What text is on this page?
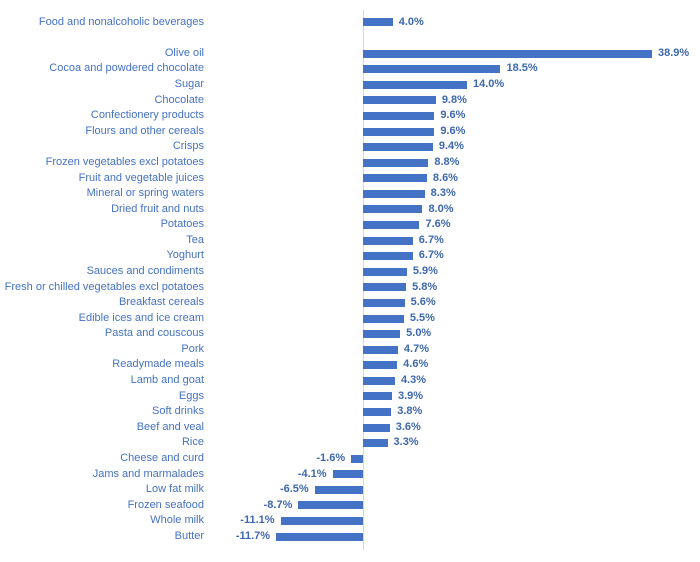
Food and nonalcoholic beverages	4.0%
Olive oil	38.9%
Cocoa and powdered chocolate	18.5%
Sugar	14.0%
Chocolate	9.8%
Confectionery products	9.6%
Flours and other cereals	9.6%
Crisps	9.4%
Frozen vegetables excl potatoes	8.8%
Fruit and vegetable juices	8.6%
Mineral or spring waters	8.3%
Dried fruit and nuts	8.0%
Potatoes	7.6%
Tea	6.7%
Yoghurt	6.7%
Sauces and condiments	5.9%
Fresh or chilled vegetables excl potatoes	5.8%
Breakfast cereals	5.6%
Edible ices and ice cream	5.5%
Pasta and couscous	5.0%
Pork	4.7%
Readymade meals	4.6%
Lamb and goat	4.3%
Eggs	3.9%
Soft drinks	3.8%
Beef and veal	3.6%
Rice	3.3%
Cheese and curd	-1.6%
Jams and marmalades	-4.1%
Low fat milk	-6.5%
Frozen seafood	-8.7%
Whole milk	-11.1%
Butter	-11.7%
